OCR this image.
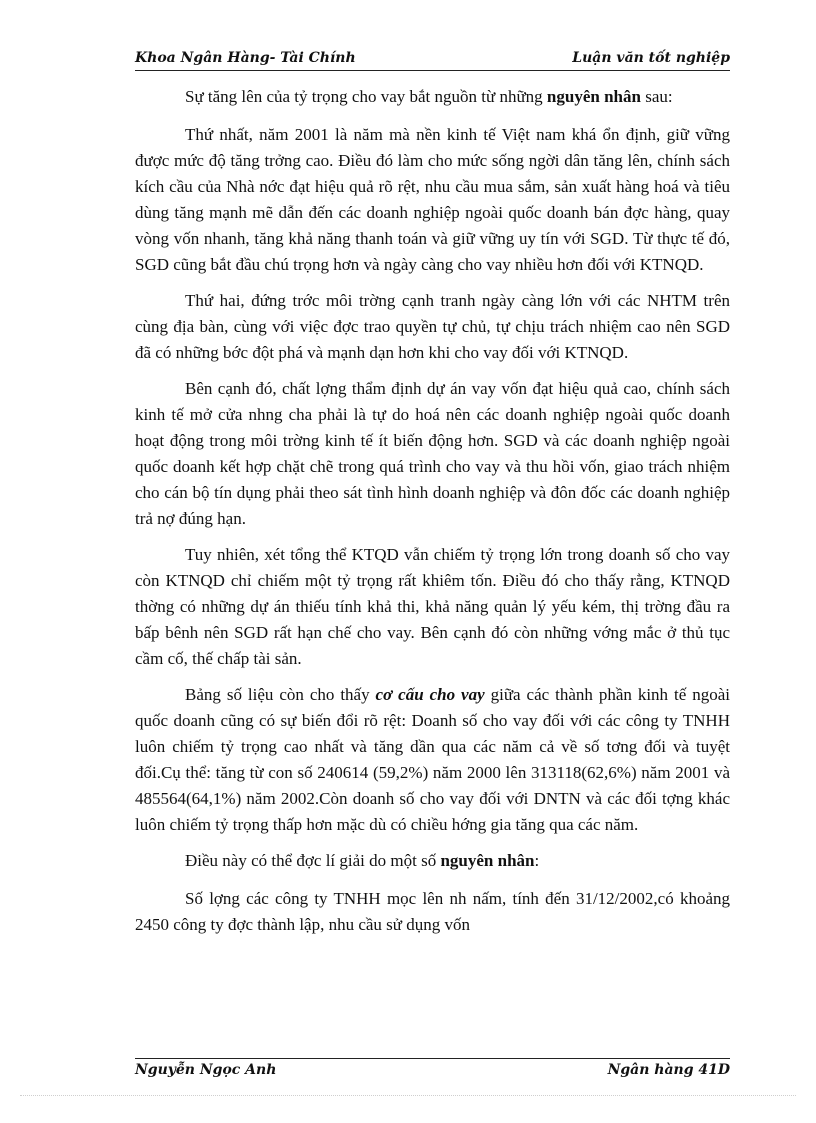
Khoa Ngân Hàng- Tài Chính	Luận văn tốt nghiệp

Sự tăng lên của tỷ trọng cho vay bắt nguồn từ những nguyên nhân sau:

Thứ nhất, năm 2001 là năm mà nền kinh tế Việt nam khá ổn định, giữ vững được mức độ tăng trởng cao. Điều đó làm cho mức sống ngời dân tăng lên, chính sách kích cầu của Nhà nớc đạt hiệu quả rõ rệt, nhu cầu mua sắm, sản xuất hàng hoá và tiêu dùng tăng mạnh mẽ dẫn đến các doanh nghiệp ngoài quốc doanh bán đợc hàng, quay vòng vốn nhanh, tăng khả năng thanh toán và giữ vững uy tín với SGD. Từ thực tế đó, SGD cũng bắt đầu chú trọng hơn và ngày càng cho vay nhiều hơn đối với KTNQD.

Thứ hai, đứng trớc môi trờng cạnh tranh ngày càng lớn với các NHTM trên cùng địa bàn, cùng với việc đợc trao quyền tự chủ, tự chịu trách nhiệm cao nên SGD đã có những bớc đột phá và mạnh dạn hơn khi cho vay đối với KTNQD.

Bên cạnh đó, chất lợng thẩm định dự án vay vốn đạt hiệu quả cao, chính sách kinh tế mở cửa nhng cha phải là tự do hoá nên các doanh nghiệp ngoài quốc doanh hoạt động trong môi trờng kinh tế ít biến động hơn. SGD và các doanh nghiệp ngoài quốc doanh kết hợp chặt chẽ trong quá trình cho vay và thu hồi vốn, giao trách nhiệm cho cán bộ tín dụng phải theo sát tình hình doanh nghiệp và đôn đốc các doanh nghiệp trả nợ đúng hạn.

Tuy nhiên, xét tổng thể KTQD vẫn chiếm tỷ trọng lớn trong doanh số cho vay còn KTNQD chỉ chiếm một tỷ trọng rất khiêm tốn. Điều đó cho thấy rằng, KTNQD thờng có những dự án thiếu tính khả thi, khả năng quản lý yếu kém, thị trờng đầu ra bấp bênh nên SGD rất hạn chế cho vay. Bên cạnh đó còn những vớng mắc ở thủ tục cầm cố, thế chấp tài sản.

Bảng số liệu còn cho thấy cơ cấu cho vay giữa các thành phần kinh tế ngoài quốc doanh cũng có sự biến đổi rõ rệt: Doanh số cho vay đối với các công ty TNHH luôn chiếm tỷ trọng cao nhất và tăng dần qua các năm cả về số tơng đối và tuyệt đối.Cụ thể: tăng từ con số 240614 (59,2%) năm 2000 lên 313118(62,6%) năm 2001 và 485564(64,1%) năm 2002.Còn doanh số cho vay đối với DNTN và các đối tợng khác luôn chiếm tỷ trọng thấp hơn mặc dù có chiều hớng gia tăng qua các năm.

Điều này có thể đợc lí giải do một số nguyên nhân:

Số lợng các công ty TNHH mọc lên nh nấm, tính đến 31/12/2002,có khoảng 2450 công ty đợc thành lập, nhu cầu sử dụng vốn

Nguyễn Ngọc Anh	Ngân hàng 41D
